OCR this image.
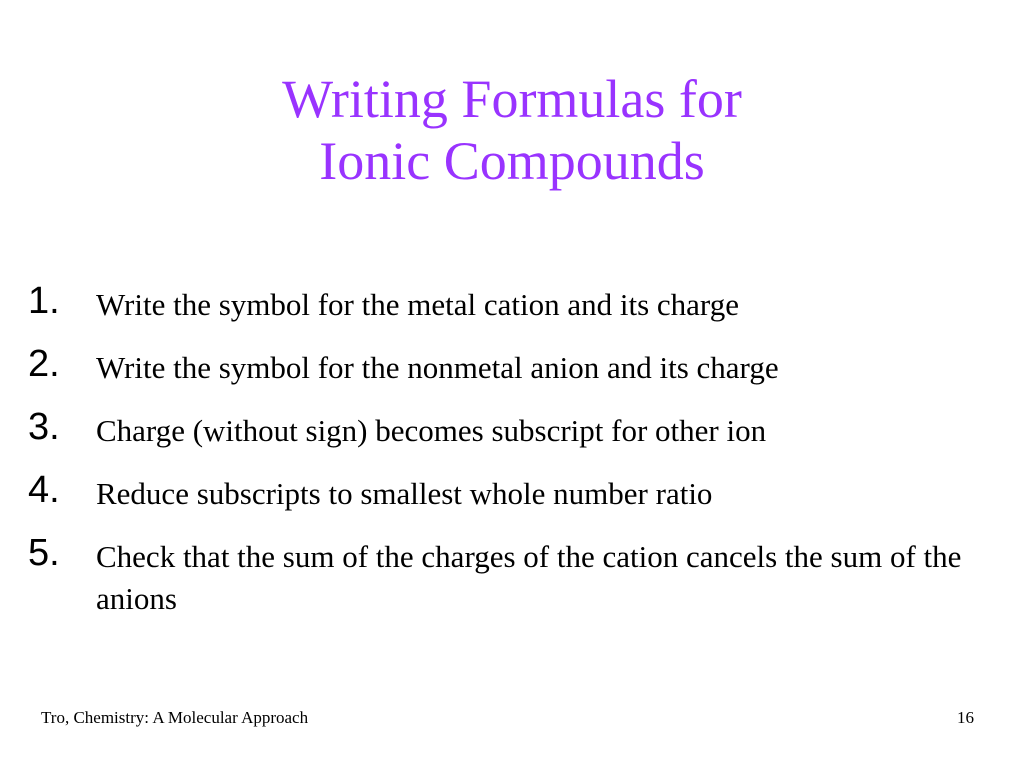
Writing Formulas for
Ionic Compounds
1.	Write the symbol for the metal cation and its charge
2.	Write the symbol for the nonmetal anion and its charge
3.	Charge (without sign) becomes subscript for other ion
4.	Reduce subscripts to smallest whole number ratio
5.	Check that the sum of the charges of the cation cancels the sum of the anions
Tro, Chemistry: A Molecular Approach	16
